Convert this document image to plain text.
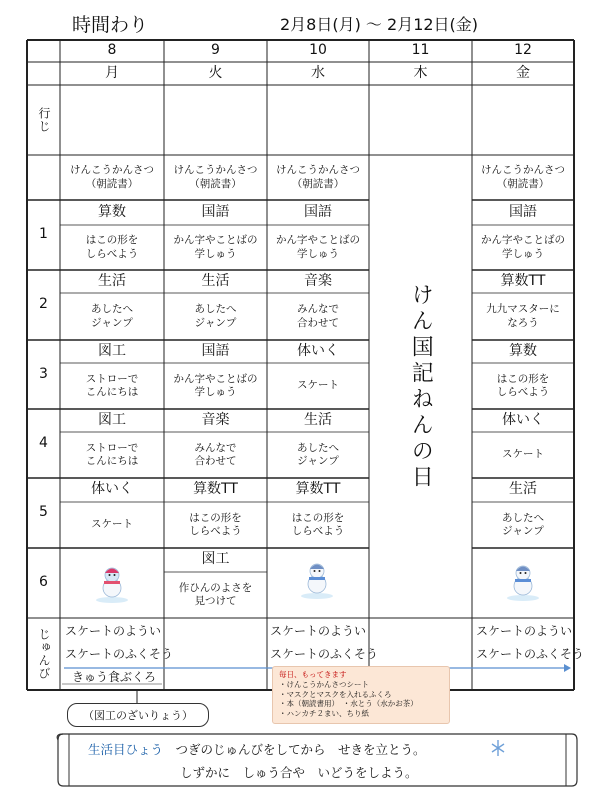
時間わり	2月8日(月) ～ 2月12日(金)
8
月
9
火
10
水
11
木
12
金
行じ
じゅんび
けんこうかんさつ
（朝読書）
けんこうかんさつ
（朝読書）
けんこうかんさつ
（朝読書）
けんこうかんさつ
（朝読書）
けん国記ねんの日
1
算数
はこの形を
しらべよう
国語
かん字やことばの
学しゅう
国語
かん字やことばの
学しゅう
国語
かん字やことばの
学しゅう
2
生活
あしたへ
ジャンプ
生活
あしたへ
ジャンプ
音楽
みんなで
合わせて
算数TT
九九マスターに
なろう
3
図工
ストローで
こんにちは
国語
かん字やことばの
学しゅう
体いく
スケート
算数
はこの形を
しらべよう
4
図工
ストローで
こんにちは
音楽
みんなで
合わせて
生活
あしたへ
ジャンプ
体いく
スケート
5
体いく
スケート
算数TT
はこの形を
しらべよう
算数TT
はこの形を
しらべよう
生活
あしたへ
ジャンプ
6
図工
作ひんのよさを
見つけて
スケートのようい
スケートのふくそう
きゅう食ぶくろ
スケートのようい
スケートのふくそう
スケートのようい
スケートのふくそう
毎日、もってきます
・けんこうかんさつシート
・マスクとマスクを入れるふくろ
・本（朝読書用）　・水とう（水かお茶）
・ハンカチ２まい、ちり紙
（図工のざいりょう）
生活目ひょう　 つぎのじゅんびをしてから　せきを立とう。
しずかに　しゅう合や　いどうをしよう。
